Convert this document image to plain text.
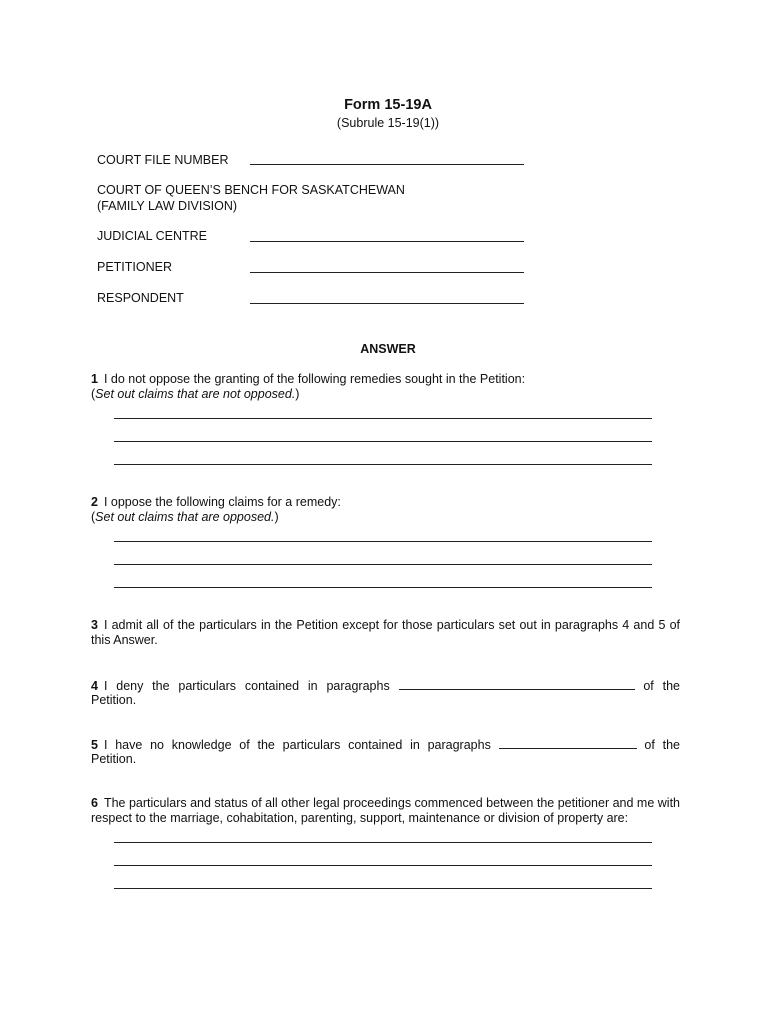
Form 15-19A
(Subrule 15-19(1))
COURT FILE NUMBER
COURT OF QUEEN’S BENCH FOR SASKATCHEWAN
(FAMILY LAW DIVISION)
JUDICIAL CENTRE
PETITIONER
RESPONDENT
ANSWER
1 I do not oppose the granting of the following remedies sought in the Petition:
(Set out claims that are not opposed.)
2 I oppose the following claims for a remedy:
(Set out claims that are opposed.)
3 I admit all of the particulars in the Petition except for those particulars set out in paragraphs 4 and 5 of this Answer.
4 I deny the particulars contained in paragraphs	of the
Petition.
5 I have no knowledge of the particulars contained in paragraphs	of the
Petition.
6 The particulars and status of all other legal proceedings commenced between the petitioner and me with respect to the marriage, cohabitation, parenting, support, maintenance or division of property are:
